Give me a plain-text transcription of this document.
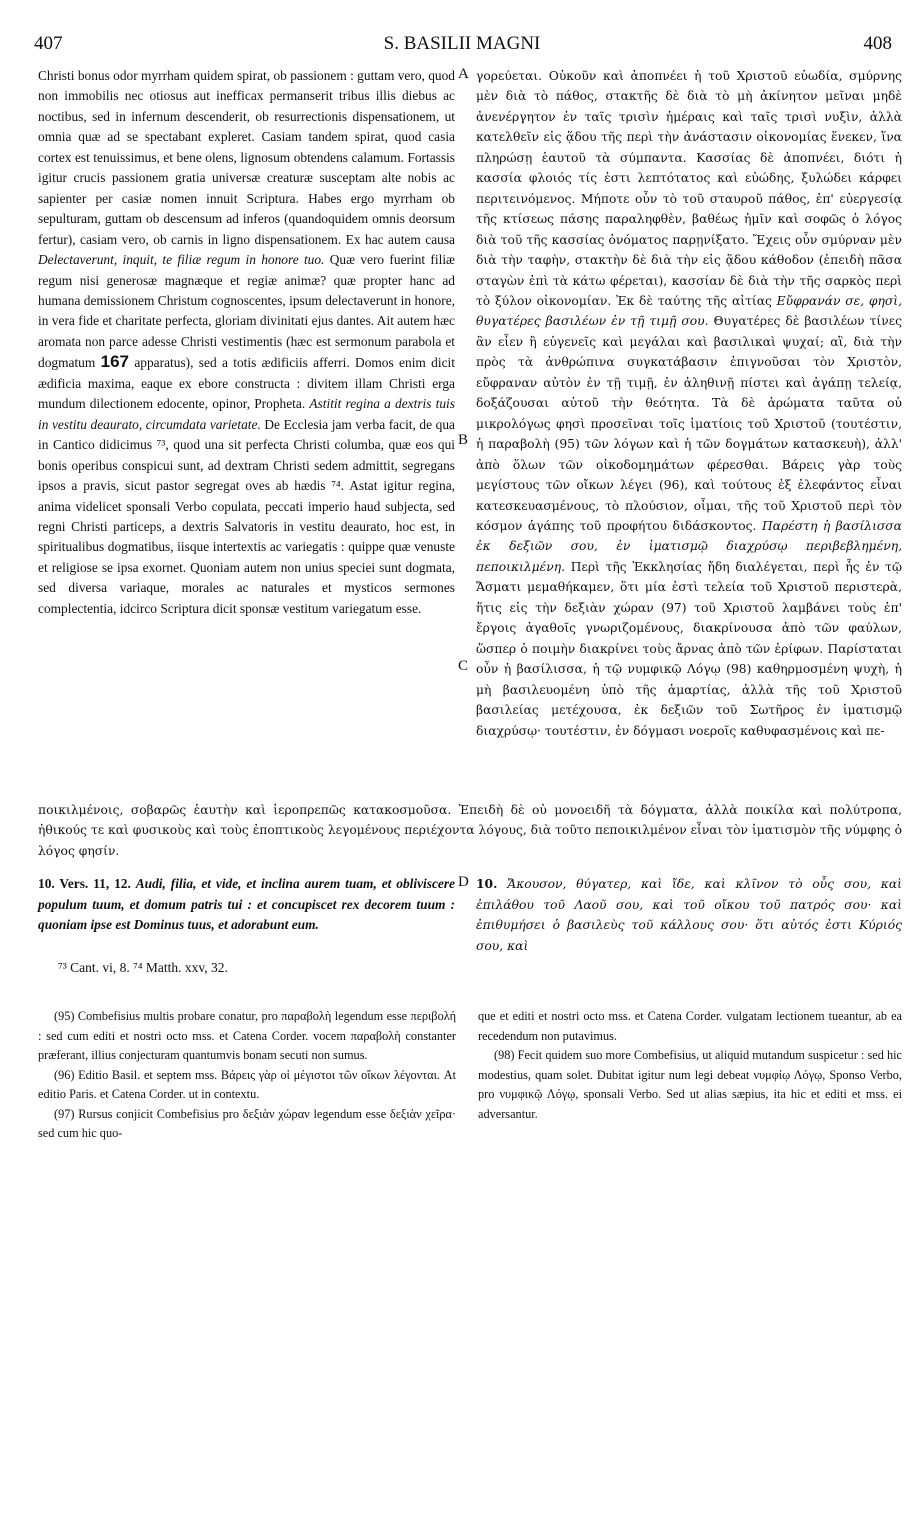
407	S. BASILII MAGNI	408

Christi bonus odor myrrham quidem spirat, ob passionem : guttam vero, quod non immobilis nec otiosus aut inefficax permanserit tribus illis diebus ac noctibus, sed in infernum descenderit, ob resurrectionis dispensationem, ut omnia quæ ad se spectabant expleret. Casiam tandem spirat, quod casia cortex est tenuissimus, et bene olens, lignosum obtendens calamum. Fortassis igitur crucis passionem gratia universæ creaturæ susceptam alte nobis ac sapienter per casiæ nomen innuit Scriptura. Habes ergo myrrham ob sepulturam, guttam ob descensum ad inferos (quandoquidem omnis deorsum fertur), casiam vero, ob carnis in ligno dispensationem. Ex hac autem causa Delectaverunt, inquit, te filiæ regum in honore tuo. Quæ vero fuerint filiæ regum nisi generosæ magnæque et regiæ animæ? quæ propter hanc ad humana demissionem Christum cognoscentes, ipsum delectaverunt in honore, in vera fide et charitate perfecta, gloriam divinitati ejus dantes. Ait autem hæc aromata non parce adesse Christi vestimentis (hæc est sermonum parabola et dogmatum 167 apparatus), sed a totis ædificiis afferri. Domos enim dicit ædificia maxima, eaque ex ebore constructa : divitem illam Christi erga mundum dilectionem edocente, opinor, Propheta. Astitit regina a dextris tuis in vestitu deaurato, circumdata varietate. De Ecclesia jam verba facit, de qua in Cantico didicimus ⁷³, quod una sit perfecta Christi columba, quæ eos qui bonis operibus conspicui sunt, ad dextram Christi sedem admittit, segregans ipsos a pravis, sicut pastor segregat oves ab hædis ⁷⁴. Astat igitur regina, anima videlicet sponsali Verbo copulata, peccati imperio haud subjecta, sed regni Christi particeps, a dextris Salvatoris in vestitu deaurato, hoc est, in spiritualibus dogmatibus, iisque intertextis ac variegatis : quippe quæ venuste et religiose se ipsa exornet. Quoniam autem non unius speciei sunt dogmata, sed diversa variaque, morales ac naturales et mysticos sermones complectentia, idcirco Scriptura dicit sponsæ vestitum variegatum esse.

γορεύεται. Οὐκοῦν καὶ ἀποπνέει ἡ τοῦ Χριστοῦ εὐωδία, σμύρνης μὲν διὰ τὸ πάθος, στακτῆς δὲ διὰ τὸ μὴ ἀκίνητον μεῖναι μηδὲ ἀνενέργητον ἐν ταῖς τρισὶν ἡμέραις καὶ ταῖς τρισὶ νυξὶν, ἀλλὰ κατελθεῖν εἰς ᾅδου τῆς περὶ τὴν ἀνάστασιν οἰκονομίας ἕνεκεν, ἵνα πληρώσῃ ἑαυτοῦ τὰ σύμπαντα. Κασσίας δὲ ἀποπνέει, διότι ἡ κασσία φλοιός τίς ἐστι λεπτότατος καὶ εὐώδης, ξυλώδει κάρφει περιτεινόμενος. Μήποτε οὖν τὸ τοῦ σταυροῦ πάθος, ἐπ' εὐεργεσίᾳ τῆς κτίσεως πάσης παραληφθὲν, βαθέως ἡμῖν καὶ σοφῶς ὁ λόγος διὰ τοῦ τῆς κασσίας ὀνόματος παρῃνίξατο. Ἔχεις οὖν σμύρναν μὲν διὰ τὴν ταφὴν, στακτὴν δὲ διὰ τὴν εἰς ᾅδου κάθοδον (ἐπειδὴ πᾶσα σταγὼν ἐπὶ τὰ κάτω φέρεται), κασσίαν δὲ διὰ τὴν τῆς σαρκὸς περὶ τὸ ξύλον οἰκονομίαν. Ἐκ δὲ ταύτης τῆς αἰτίας Εὔφρανάν σε, φησὶ, θυγατέρες βασιλέων ἐν τῇ τιμῇ σου. Θυγατέρες δὲ βασιλέων τίνες ἂν εἶεν ἢ εὐγενεῖς καὶ μεγάλαι καὶ βασιλικαὶ ψυχαί; αἳ, διὰ τὴν πρὸς τὰ ἀνθρώπινα συγκατάβασιν ἐπιγνοῦσαι τὸν Χριστὸν, εὔφραναν αὐτὸν ἐν τῇ τιμῇ, ἐν ἀληθινῇ πίστει καὶ ἀγάπῃ τελείᾳ, δοξάζουσαι αὐτοῦ τὴν θεότητα. Τὰ δὲ ἀρώματα ταῦτα οὐ μικρολόγως φησὶ προσεῖναι τοῖς ἱματίοις τοῦ Χριστοῦ (τουτέστιν, ἡ παραβολὴ (95) τῶν λόγων καὶ ἡ τῶν δογμάτων κατασκευὴ), ἀλλ' ἀπὸ ὅλων τῶν οἰκοδομημάτων φέρεσθαι. Βάρεις γὰρ τοὺς μεγίστους τῶν οἴκων λέγει (96), καὶ τούτους ἐξ ἐλεφάντος εἶναι κατεσκευασμένους, τὸ πλούσιον, οἶμαι, τῆς τοῦ Χριστοῦ περὶ τὸν κόσμον ἀγάπης τοῦ προφήτου διδάσκοντος. Παρέστη ἡ βασίλισσα ἐκ δεξιῶν σου, ἐν ἱματισμῷ διαχρύσῳ περιβεβλημένη, πεποικιλμένη. Περὶ τῆς Ἐκκλησίας ἤδη διαλέγεται, περὶ ἧς ἐν τῷ Ἄσματι μεμαθήκαμεν, ὅτι μία ἐστὶ τελεία τοῦ Χριστοῦ περιστερὰ, ἥτις εἰς τὴν δεξιὰν χώραν (97) τοῦ Χριστοῦ λαμβάνει τοὺς ἐπ' ἔργοις ἀγαθοῖς γνωριζομένους, διακρίνουσα ἀπὸ τῶν φαύλων, ὥσπερ ὁ ποιμὴν διακρίνει τοὺς ἄρνας ἀπὸ τῶν ἐρίφων. Παρίσταται οὖν ἡ βασίλισσα, ἡ τῷ νυμφικῷ Λόγῳ (98) καθηρμοσμένη ψυχὴ, ἡ μὴ βασιλευομένη ὑπὸ τῆς ἁμαρτίας, ἀλλὰ τῆς τοῦ Χριστοῦ βασιλείας μετέχουσα, ἐκ δεξιῶν τοῦ Σωτῆρος ἐν ἱματισμῷ διαχρύσῳ· τουτέστιν, ἐν δόγμασι νοεροῖς καθυφασμένοις καὶ πε-

A
B
C
D

ποικιλμένοις, σοβαρῶς ἑαυτὴν καὶ ἱεροπρεπῶς κατακοσμοῦσα. Ἐπειδὴ δὲ οὐ μονοειδῆ τὰ δόγματα, ἀλλὰ ποικίλα καὶ πολύτροπα, ἠθικούς τε καὶ φυσικοὺς καὶ τοὺς ἐποπτικοὺς λεγομένους περιέχοντα λόγους, διὰ τοῦτο πεποικιλμένον εἶναι τὸν ἱματισμὸν τῆς νύμφης ὁ λόγος φησίν.

10. Vers. 11, 12. Audi, filia, et vide, et inclina aurem tuam, et obliviscere populum tuum, et domum patris tui : et concupiscet rex decorem tuum : quoniam ipse est Dominus tuus, et adorabunt eum.

10. Ἄκουσον, θύγατερ, καὶ ἴδε, καὶ κλῖνον τὸ οὖς σου, καὶ ἐπιλάθου τοῦ Λαοῦ σου, καὶ τοῦ οἴκου τοῦ πατρός σου· καὶ ἐπιθυμήσει ὁ βασιλεὺς τοῦ κάλλους σου· ὅτι αὐτός ἐστι Κύριός σου, καὶ

⁷³ Cant. vi, 8. ⁷⁴ Matth. xxv, 32.

(95) Combefisius multis probare conatur, pro παραβολὴ legendum esse περιβολή : sed cum editi et nostri octo mss. et Catena Corder. vocem παραβολὴ constanter præferant, illius conjecturam quantumvis bonam secuti non sumus.

(96) Editio Basil. et septem mss. Βάρεις γὰρ οἱ μέγιστοι τῶν οἴκων λέγονται. At editio Paris. et Catena Corder. ut in contextu.

(97) Rursus conjicit Combefisius pro δεξιὰν χώραν legendum esse δεξιὰν χεῖρα· sed cum hic quo-

que et editi et nostri octo mss. et Catena Corder. vulgatam lectionem tueantur, ab ea recedendum non putavimus.

(98) Fecit quidem suo more Combefisius, ut aliquid mutandum suspicetur : sed hic modestius, quam solet. Dubitat igitur num legi debeat νυμφίῳ Λόγῳ, Sponso Verbo, pro νυμφικῷ Λόγῳ, sponsali Verbo. Sed ut alias sæpius, ita hic et editi et mss. ei adversantur.
